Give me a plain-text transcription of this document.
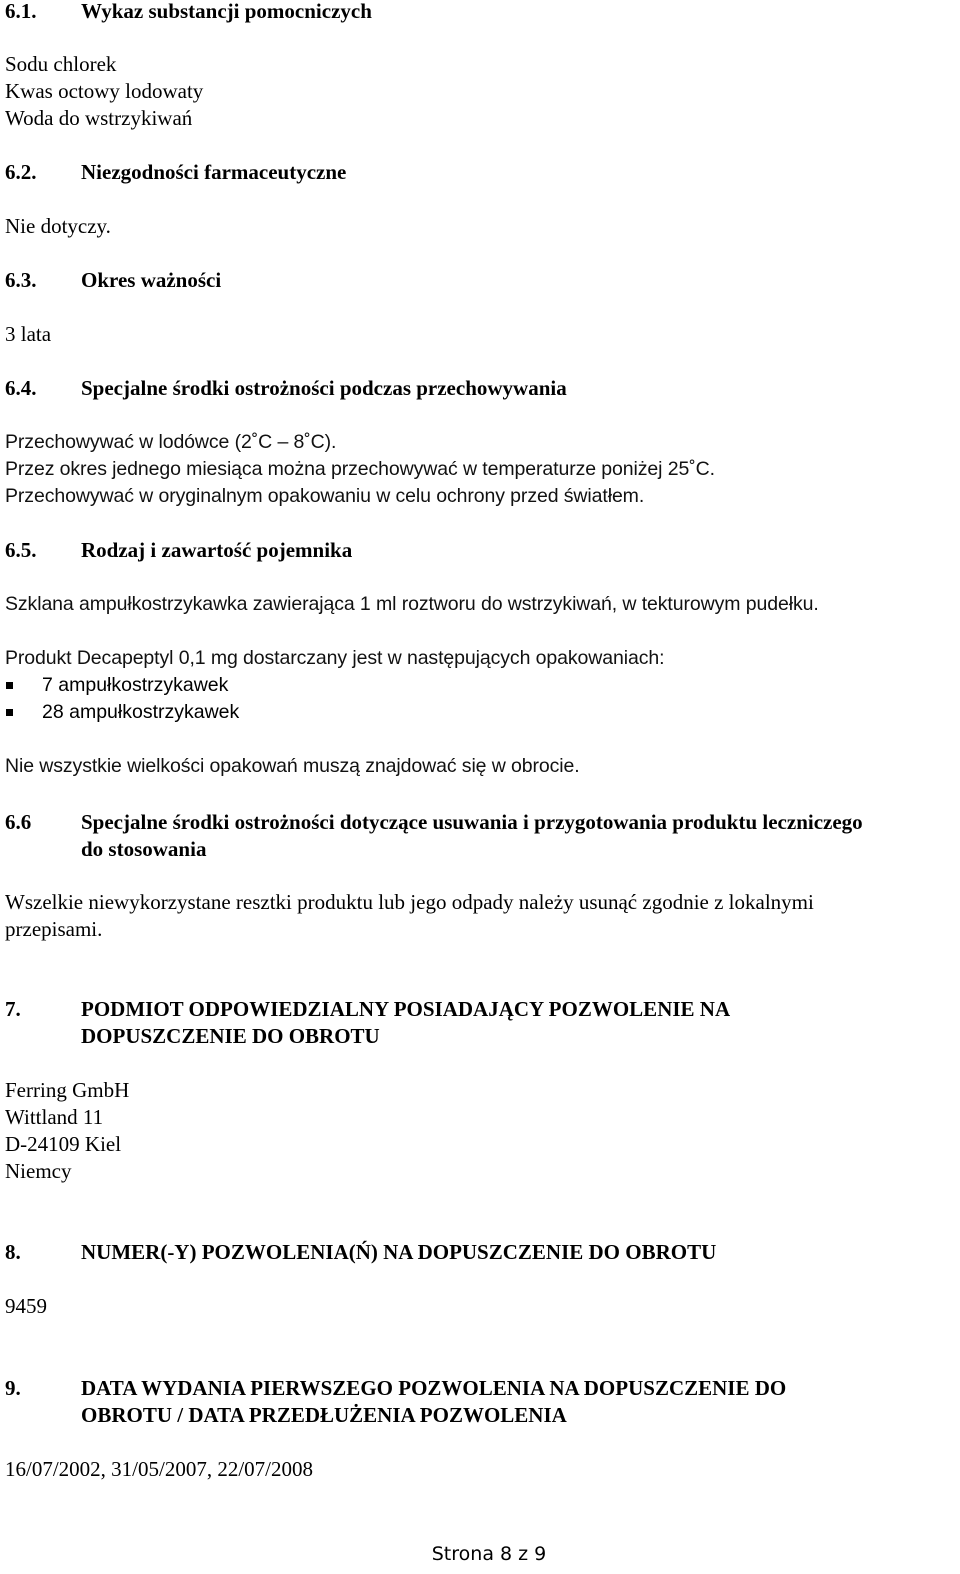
6.1. Wykaz substancji pomocniczych
Sodu chlorek
Kwas octowy lodowaty
Woda do wstrzykiwań
6.2. Niezgodności farmaceutyczne
Nie dotyczy.
6.3. Okres ważności
3 lata
6.4. Specjalne środki ostrożności podczas przechowywania
Przechowywać w lodówce (2˚C – 8˚C).
Przez okres jednego miesiąca można przechowywać w temperaturze poniżej 25˚C.
Przechowywać w oryginalnym opakowaniu w celu ochrony przed światłem.
6.5. Rodzaj i zawartość pojemnika
Szklana ampułkostrzykawka zawierająca 1 ml roztworu do wstrzykiwań, w tekturowym pudełku.
Produkt Decapeptyl 0,1 mg dostarczany jest w następujących opakowaniach:
7 ampułkostrzykawek
28 ampułkostrzykawek
Nie wszystkie wielkości opakowań muszą znajdować się w obrocie.
6.6 Specjalne środki ostrożności dotyczące usuwania i przygotowania produktu leczniczego
do stosowania
Wszelkie niewykorzystane resztki produktu lub jego odpady należy usunąć zgodnie z lokalnymi
przepisami.
7.	PODMIOT ODPOWIEDZIALNY POSIADAJĄCY POZWOLENIE NA
DOPUSZCZENIE DO OBROTU
Ferring GmbH
Wittland 11
D-24109 Kiel
Niemcy
8.	NUMER(-Y) POZWOLENIA(Ń) NA DOPUSZCZENIE DO OBROTU
9459
9.	DATA WYDANIA PIERWSZEGO POZWOLENIA NA DOPUSZCZENIE DO
OBROTU / DATA PRZEDŁUŻENIA POZWOLENIA
16/07/2002, 31/05/2007, 22/07/2008
Strona 8 z 9
